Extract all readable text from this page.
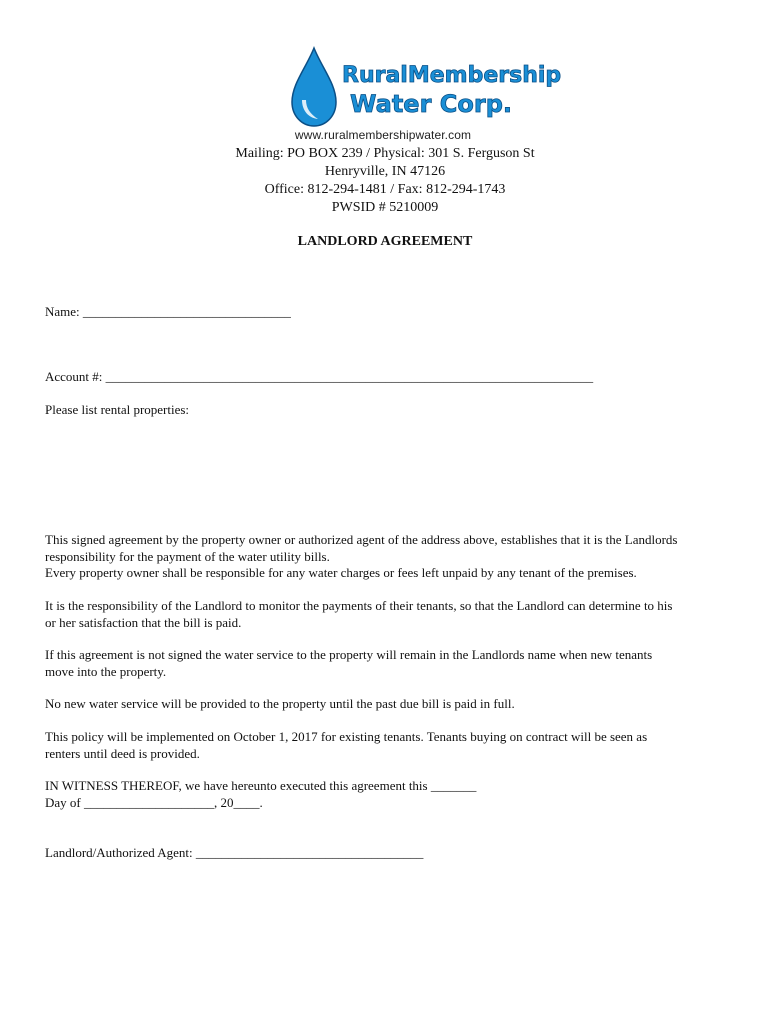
RuralMembership
Water Corp.
www.ruralmembershipwater.com
Mailing: PO BOX 239 / Physical: 301 S. Ferguson St
Henryville, IN 47126
Office: 812-294-1481 / Fax: 812-294-1743
PWSID # 5210009
LANDLORD AGREEMENT
Name: ________________________________
Account #: ___________________________________________________________________________
Please list rental properties:
This signed agreement by the property owner or authorized agent of the address above, establishes that it is the Landlords
responsibility for the payment of the water utility bills.
Every property owner shall be responsible for any water charges or fees left unpaid by any tenant of the premises.
It is the responsibility of the Landlord to monitor the payments of their tenants, so that the Landlord can determine to his
or her satisfaction that the bill is paid.
If this agreement is not signed the water service to the property will remain in the Landlords name when new tenants
move into the property.
No new water service will be provided to the property until the past due bill is paid in full.
This policy will be implemented on October 1, 2017 for existing tenants. Tenants buying on contract will be seen as
renters until deed is provided.
IN WITNESS THEREOF, we have hereunto executed this agreement this _______
Day of ____________________, 20____.
Landlord/Authorized Agent: ___________________________________
